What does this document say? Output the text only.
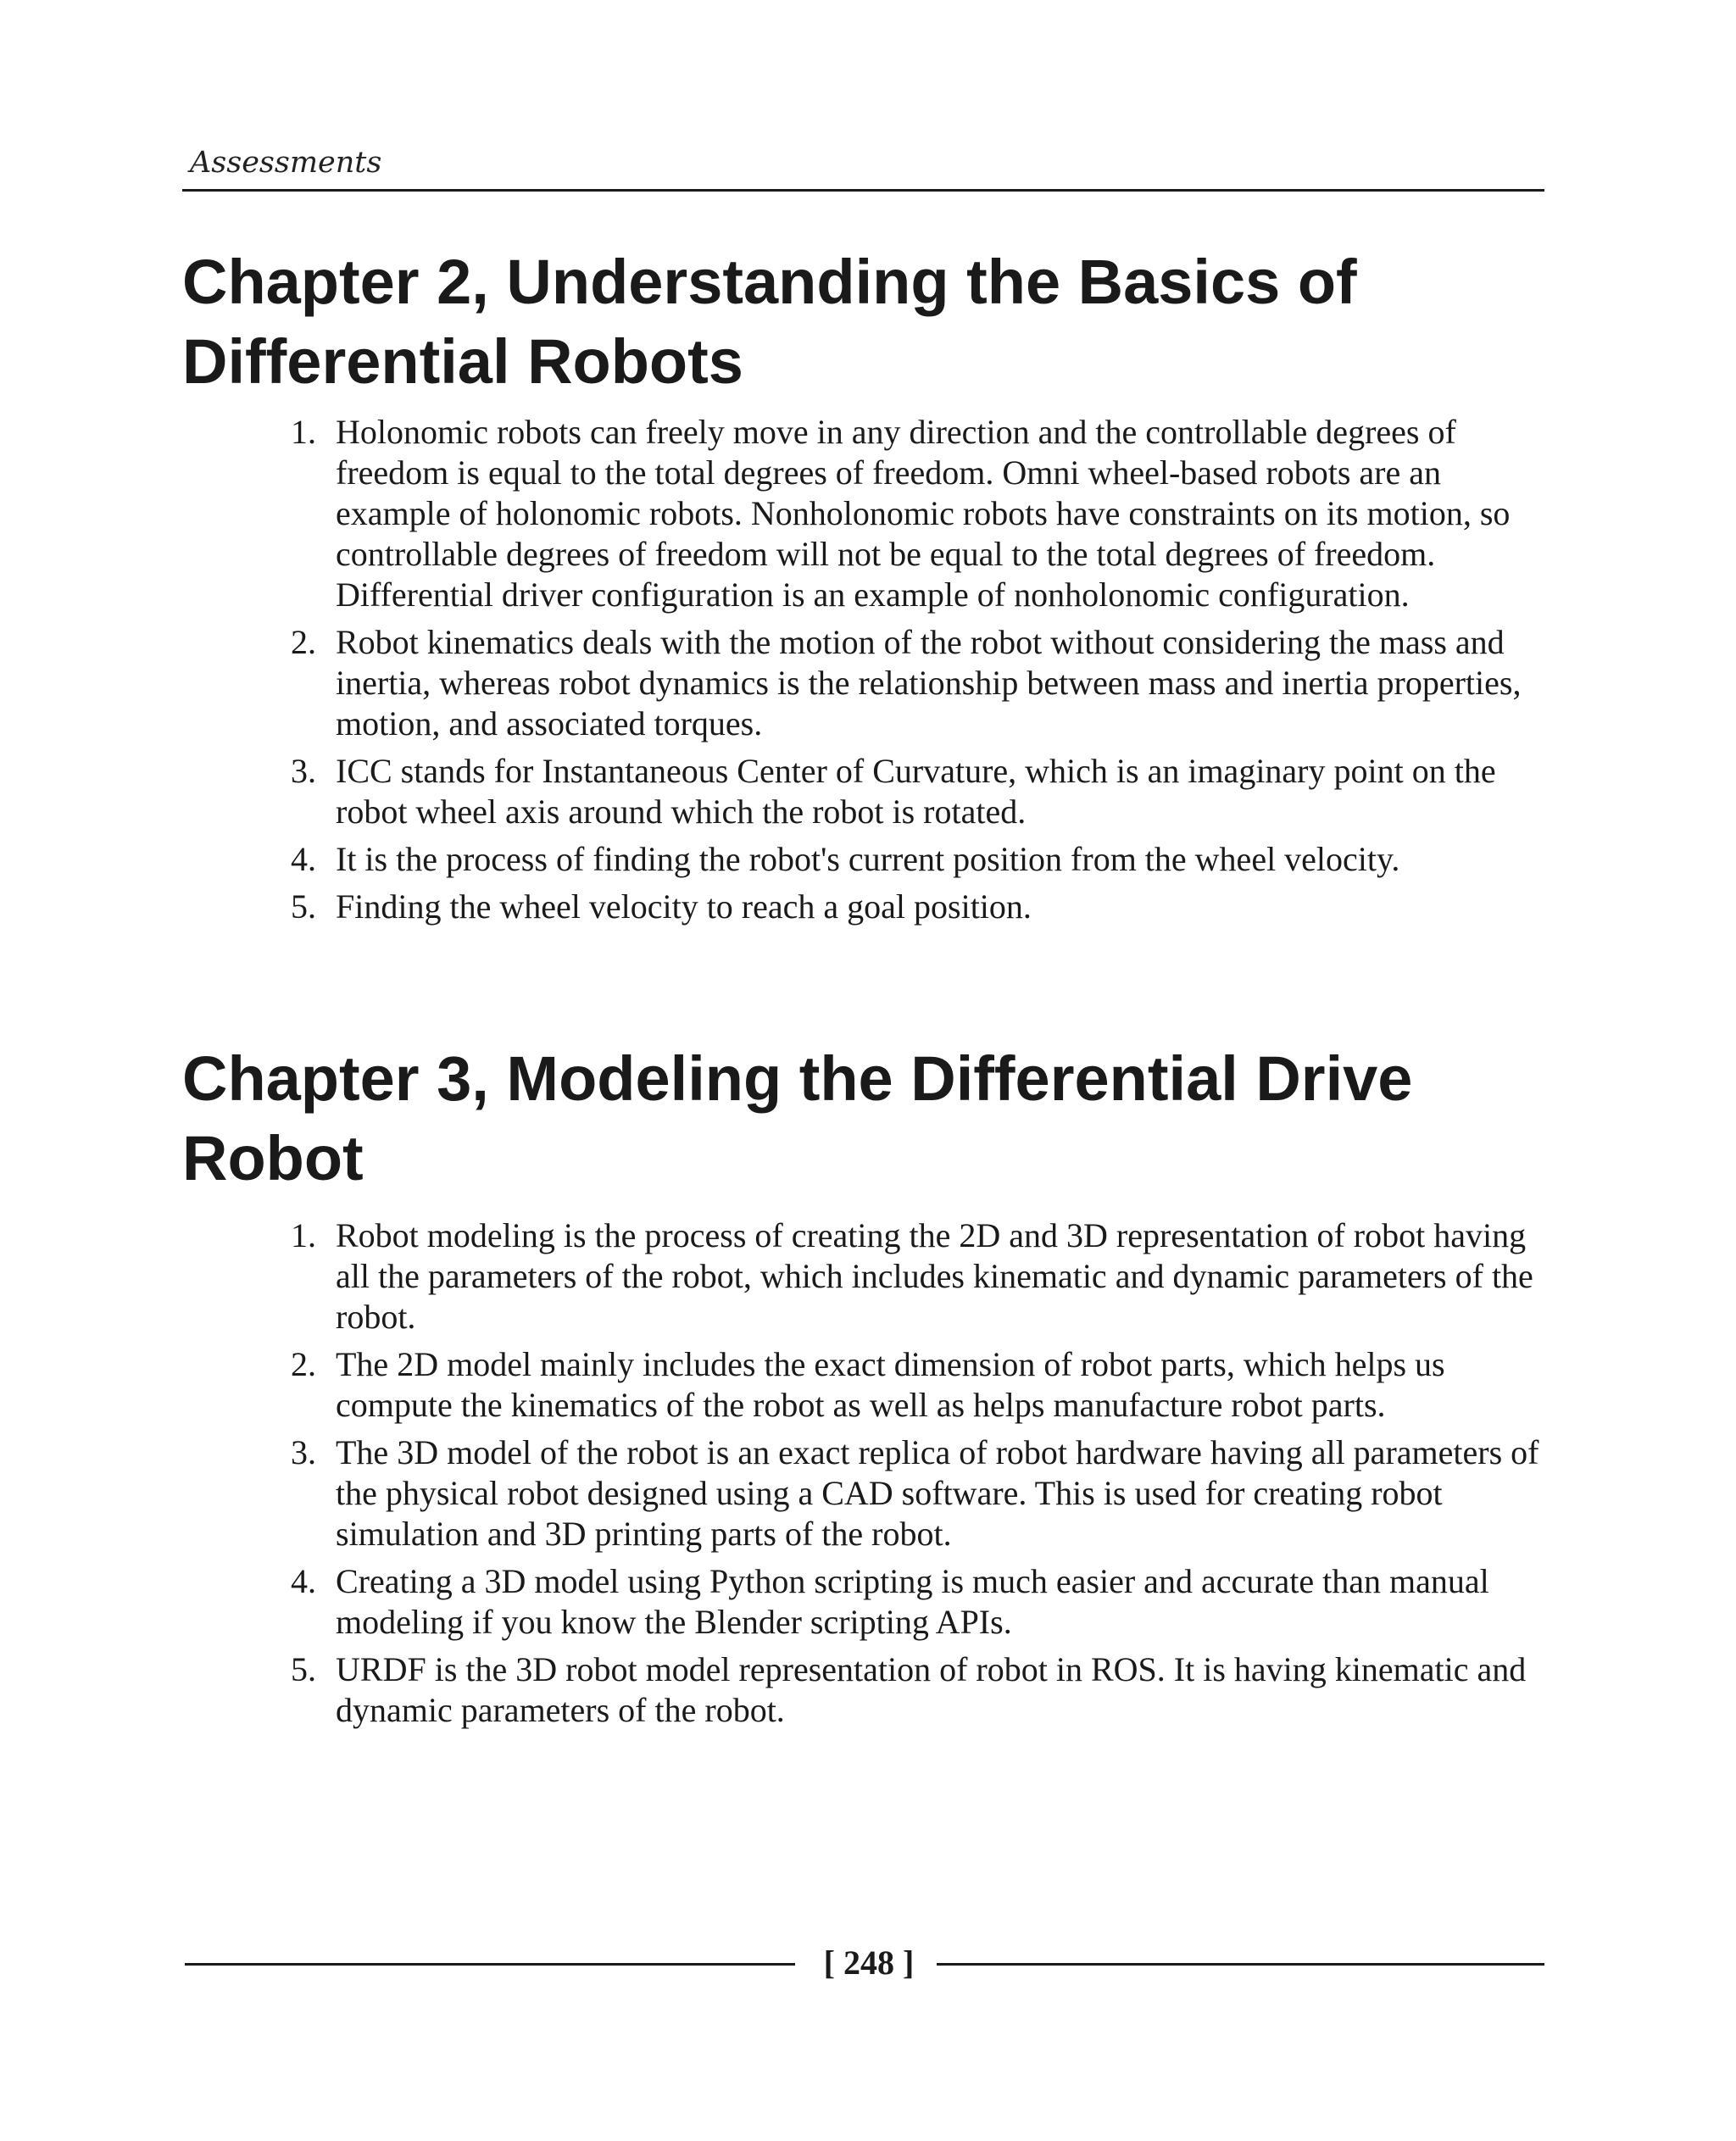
Assessments
Chapter 2, Understanding the Basics of Differential Robots
1. Holonomic robots can freely move in any direction and the controllable degrees of freedom is equal to the total degrees of freedom. Omni wheel-based robots are an example of holonomic robots. Nonholonomic robots have constraints on its motion, so controllable degrees of freedom will not be equal to the total degrees of freedom. Differential driver configuration is an example of nonholonomic configuration.
2. Robot kinematics deals with the motion of the robot without considering the mass and inertia, whereas robot dynamics is the relationship between mass and inertia properties, motion, and associated torques.
3. ICC stands for Instantaneous Center of Curvature, which is an imaginary point on the robot wheel axis around which the robot is rotated.
4. It is the process of finding the robot's current position from the wheel velocity.
5. Finding the wheel velocity to reach a goal position.
Chapter 3, Modeling the Differential Drive Robot
1. Robot modeling is the process of creating the 2D and 3D representation of robot having all the parameters of the robot, which includes kinematic and dynamic parameters of the robot.
2. The 2D model mainly includes the exact dimension of robot parts, which helps us compute the kinematics of the robot as well as helps manufacture robot parts.
3. The 3D model of the robot is an exact replica of robot hardware having all parameters of the physical robot designed using a CAD software. This is used for creating robot simulation and 3D printing parts of the robot.
4. Creating a 3D model using Python scripting is much easier and accurate than manual modeling if you know the Blender scripting APIs.
5. URDF is the 3D robot model representation of robot in ROS. It is having kinematic and dynamic parameters of the robot.
[ 248 ]
